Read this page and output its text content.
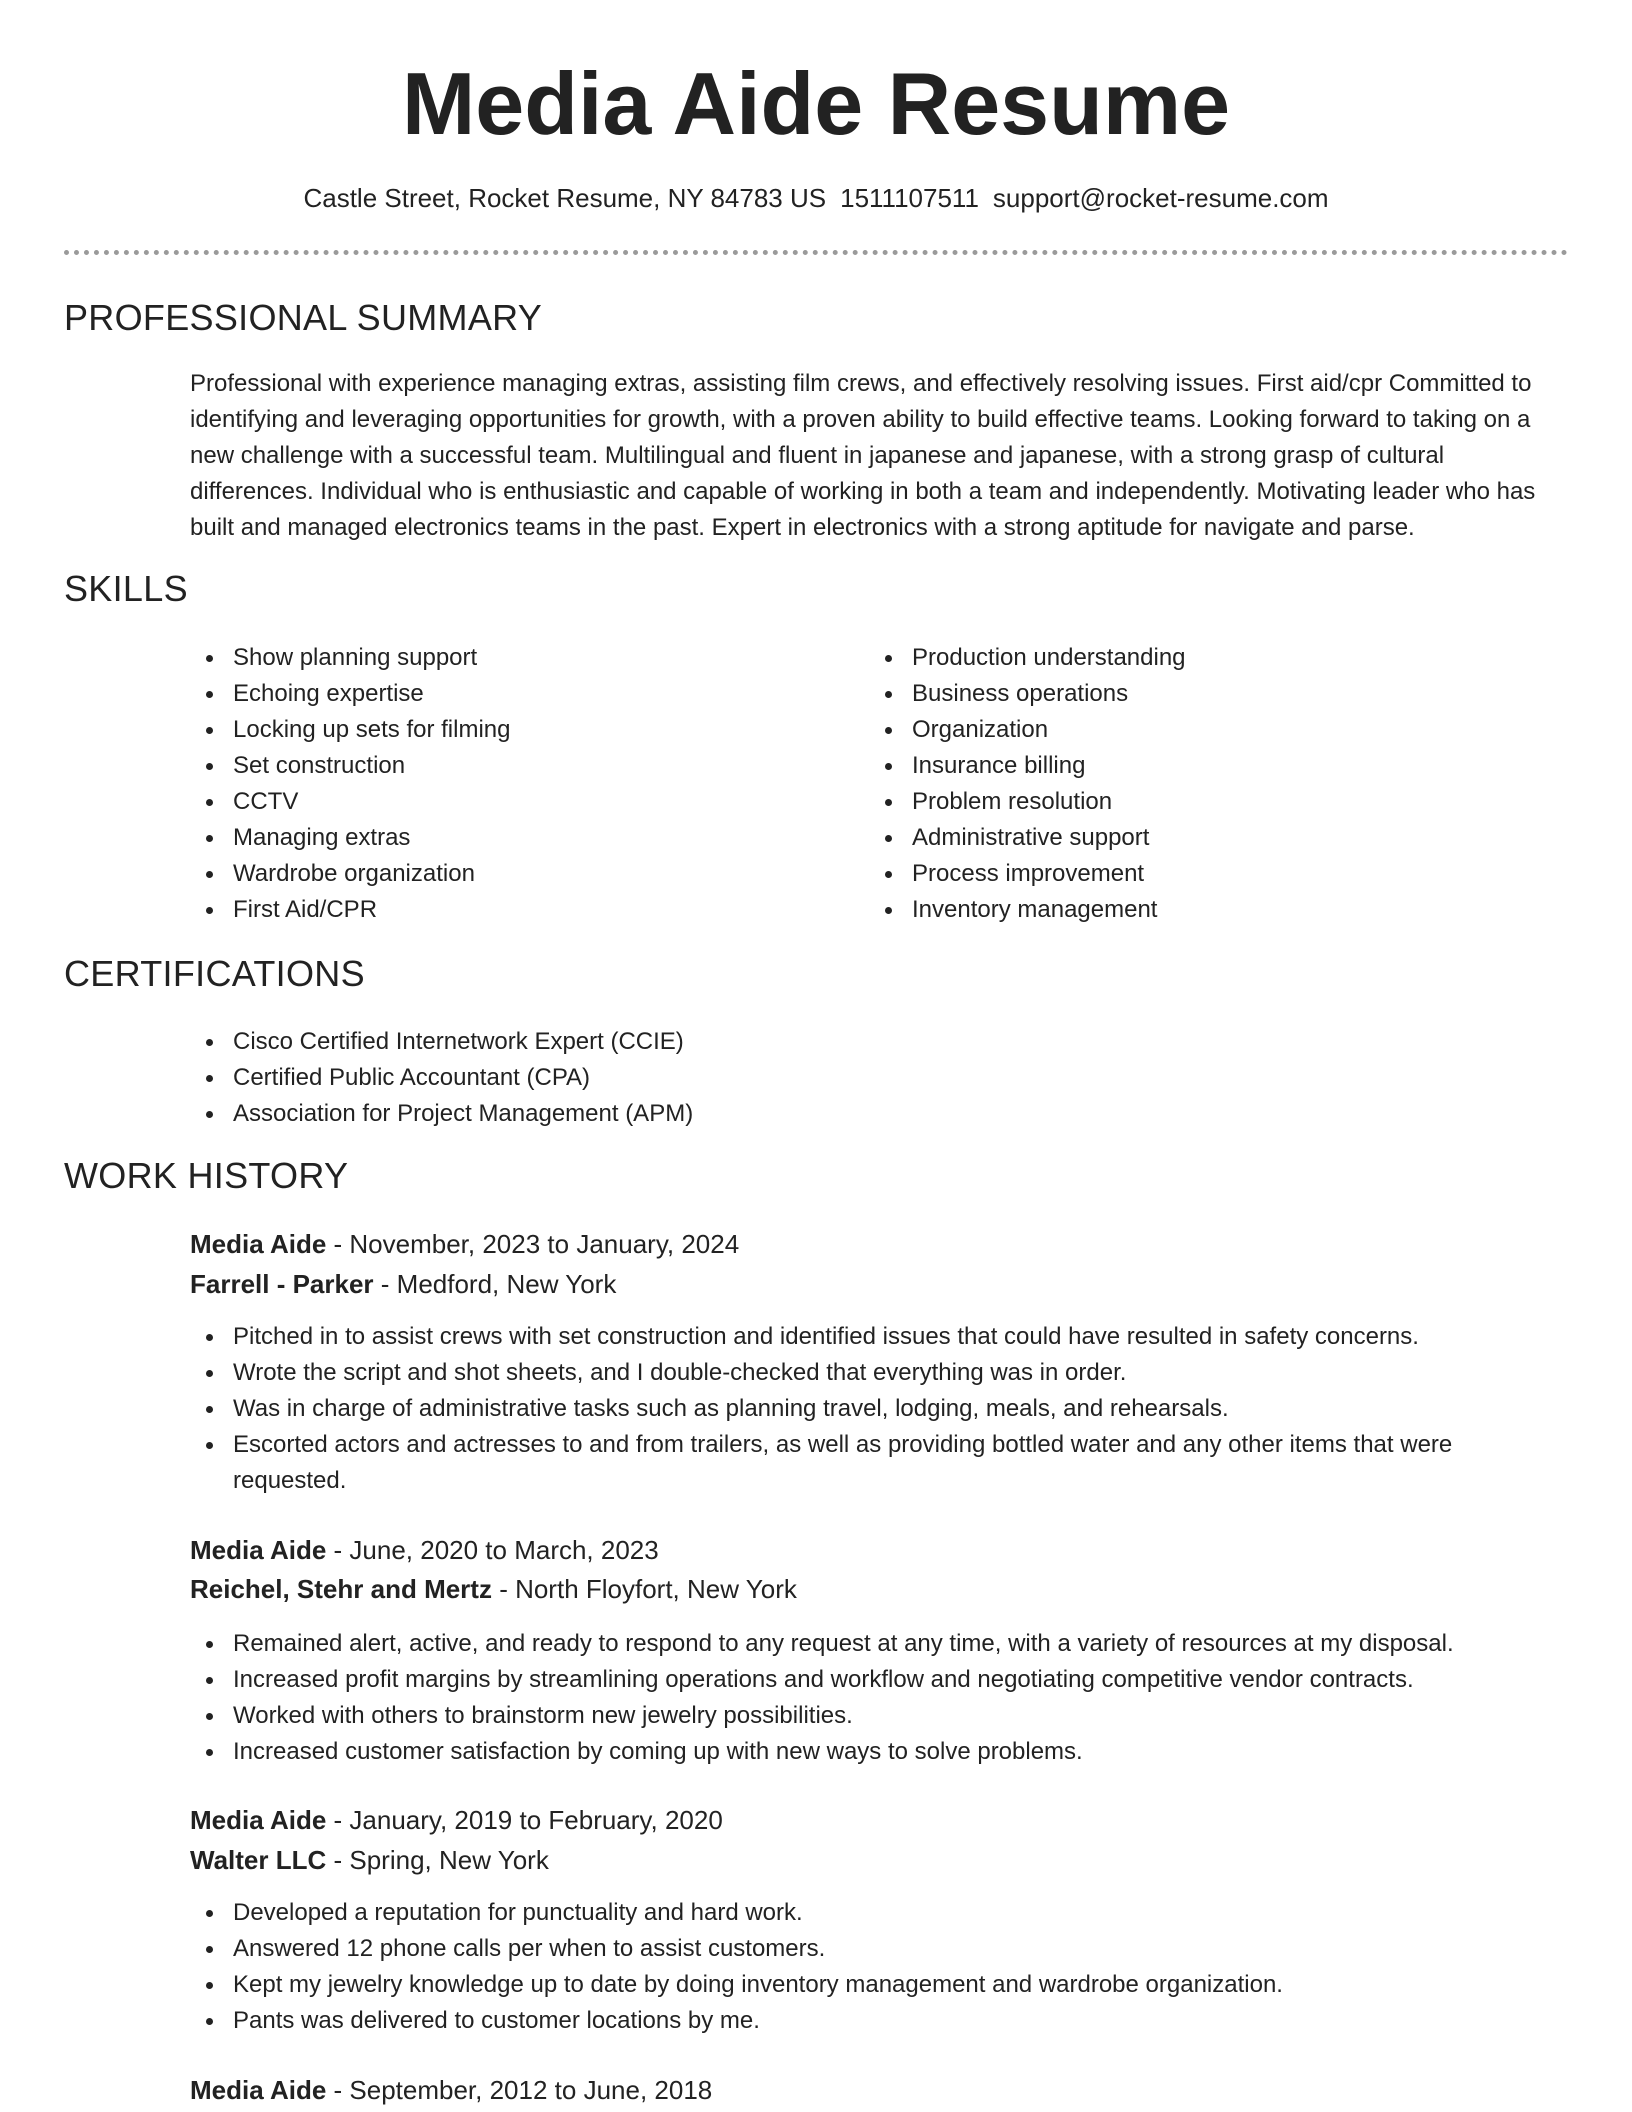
Media Aide Resume
Castle Street, Rocket Resume, NY 84783 US 1511107511 support@rocket-resume.com
PROFESSIONAL SUMMARY

Professional with experience managing extras, assisting film crews, and effectively resolving issues. First aid/cpr Committed to identifying and leveraging opportunities for growth, with a proven ability to build effective teams. Looking forward to taking on a new challenge with a successful team. Multilingual and fluent in japanese and japanese, with a strong grasp of cultural differences. Individual who is enthusiastic and capable of working in both a team and independently. Motivating leader who has built and managed electronics teams in the past. Expert in electronics with a strong aptitude for navigate and parse.

SKILLS
Show planning support
Echoing expertise
Locking up sets for filming
Set construction
CCTV
Managing extras
Wardrobe organization
First Aid/CPR
Production understanding
Business operations
Organization
Insurance billing
Problem resolution
Administrative support
Process improvement
Inventory management
CERTIFICATIONS
Cisco Certified Internetwork Expert (CCIE)
Certified Public Accountant (CPA)
Association for Project Management (APM)
WORK HISTORY
Media Aide - November, 2023 to January, 2024
Farrell - Parker - Medford, New York
Pitched in to assist crews with set construction and identified issues that could have resulted in safety concerns.
Wrote the script and shot sheets, and I double-checked that everything was in order.
Was in charge of administrative tasks such as planning travel, lodging, meals, and rehearsals.
Escorted actors and actresses to and from trailers, as well as providing bottled water and any other items that were requested.
Media Aide - June, 2020 to March, 2023
Reichel, Stehr and Mertz - North Floyfort, New York
Remained alert, active, and ready to respond to any request at any time, with a variety of resources at my disposal.
Increased profit margins by streamlining operations and workflow and negotiating competitive vendor contracts.
Worked with others to brainstorm new jewelry possibilities.
Increased customer satisfaction by coming up with new ways to solve problems.
Media Aide - January, 2019 to February, 2020
Walter LLC - Spring, New York
Developed a reputation for punctuality and hard work.
Answered 12 phone calls per when to assist customers.
Kept my jewelry knowledge up to date by doing inventory management and wardrobe organization.
Pants was delivered to customer locations by me.
Media Aide - September, 2012 to June, 2018
